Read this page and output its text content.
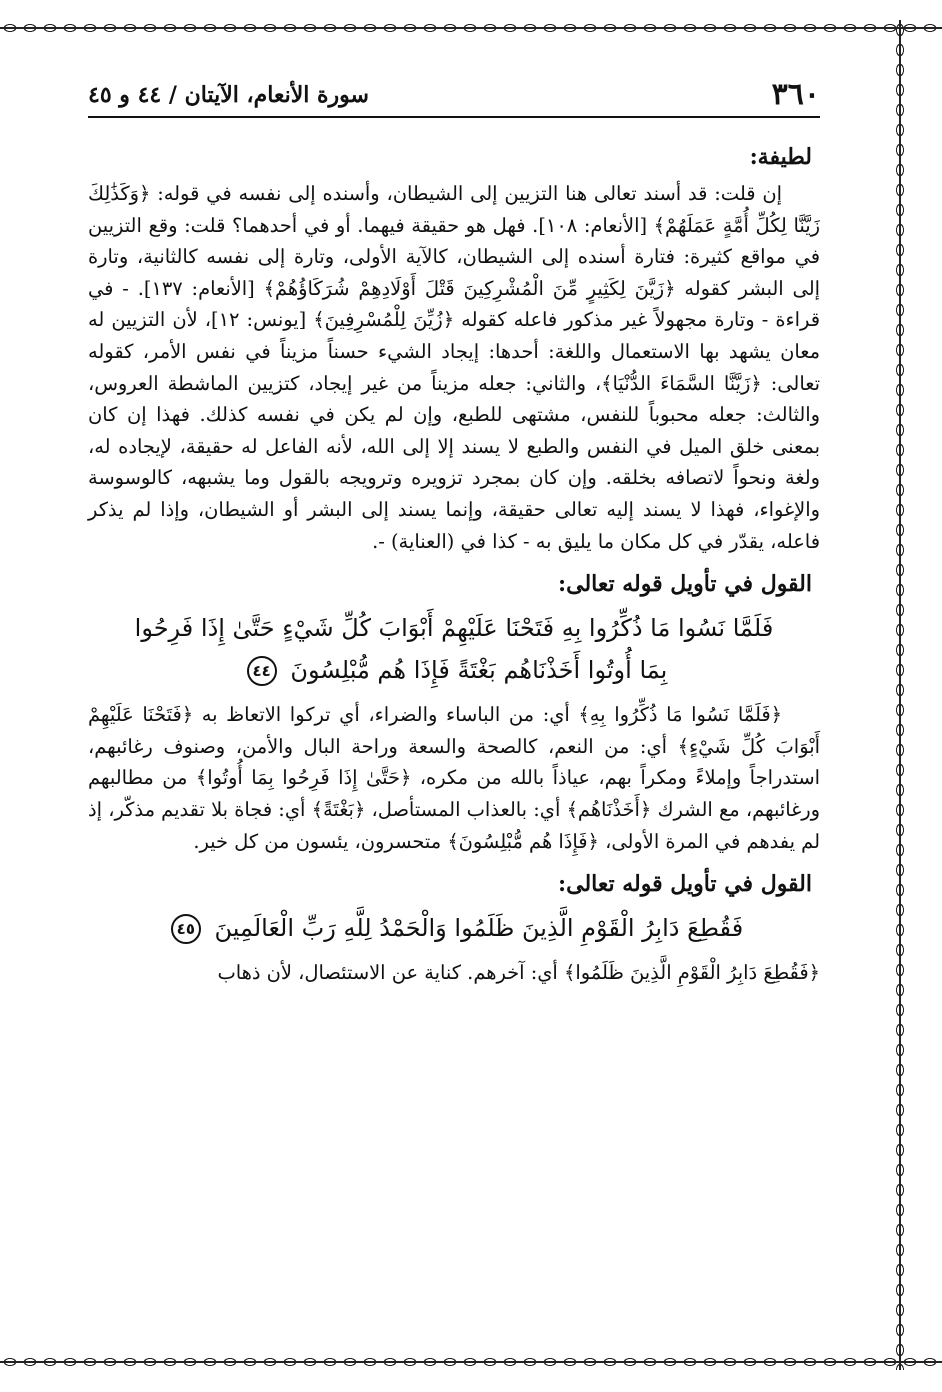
٣٦٠
سورة الأنعام، الآيتان / ٤٤ و ٤٥
لطيفة:

إن قلت: قد أسند تعالى هنا التزيين إلى الشيطان، وأسنده إلى نفسه في قوله: ﴿وَكَذَٰلِكَ زَيَّنَّا لِكُلِّ أُمَّةٍ عَمَلَهُمْ﴾ [الأنعام: ١٠٨]. فهل هو حقيقة فيهما. أو في أحدهما؟ قلت: وقع التزيين في مواقع كثيرة: فتارة أسنده إلى الشيطان، كالآية الأولى، وتارة إلى نفسه كالثانية، وتارة إلى البشر كقوله ﴿زَيَّنَ لِكَثِيرٍ مِّنَ الْمُشْرِكِينَ قَتْلَ أَوْلَادِهِمْ شُرَكَاؤُهُمْ﴾ [الأنعام: ١٣٧]. - في قراءة - وتارة مجهولاً غير مذكور فاعله كقوله ﴿زُيِّنَ لِلْمُسْرِفِينَ﴾ [يونس: ١٢]، لأن التزيين له معان يشهد بها الاستعمال واللغة: أحدها: إيجاد الشيء حسناً مزيناً في نفس الأمر، كقوله تعالى: ﴿زَيَّنَّا السَّمَاءَ الدُّنْيَا﴾، والثاني: جعله مزيناً من غير إيجاد، كتزيين الماشطة العروس، والثالث: جعله محبوباً للنفس، مشتهى للطبع، وإن لم يكن في نفسه كذلك. فهذا إن كان بمعنى خلق الميل في النفس والطبع لا يسند إلا إلى الله، لأنه الفاعل له حقيقة، لإيجاده له، ولغة ونحواً لاتصافه بخلقه. وإن كان بمجرد تزويره وترويجه بالقول وما يشبهه، كالوسوسة والإغواء، فهذا لا يسند إليه تعالى حقيقة، وإنما يسند إلى البشر أو الشيطان، وإذا لم يذكر فاعله، يقدّر في كل مكان ما يليق به - كذا في (العناية) -.

القول في تأويل قوله تعالى:
فَلَمَّا نَسُوا مَا ذُكِّرُوا بِهِ فَتَحْنَا عَلَيْهِمْ أَبْوَابَ كُلِّ شَيْءٍ حَتَّىٰ إِذَا فَرِحُوا
بِمَا أُوتُوا أَخَذْنَاهُم بَغْتَةً فَإِذَا هُم مُّبْلِسُونَ ٤٤

﴿فَلَمَّا نَسُوا مَا ذُكِّرُوا بِهِ﴾ أي: من الباساء والضراء، أي تركوا الاتعاظ به ﴿فَتَحْنَا عَلَيْهِمْ أَبْوَابَ كُلِّ شَيْءٍ﴾ أي: من النعم، كالصحة والسعة وراحة البال والأمن، وصنوف رغائبهم، استدراجاً وإملاءً ومكراً بهم، عياذاً بالله من مكره، ﴿حَتَّىٰ إِذَا فَرِحُوا بِمَا أُوتُوا﴾ من مطالبهم ورغائبهم، مع الشرك ﴿أَخَذْنَاهُم﴾ أي: بالعذاب المستأصل، ﴿بَغْتَةً﴾ أي: فجاة بلا تقديم مذكّر، إذ لم يفدهم في المرة الأولى، ﴿فَإِذَا هُم مُّبْلِسُونَ﴾ متحسرون، يئسون من كل خير.

القول في تأويل قوله تعالى:
فَقُطِعَ دَابِرُ الْقَوْمِ الَّذِينَ ظَلَمُوا وَالْحَمْدُ لِلَّهِ رَبِّ الْعَالَمِينَ ٤٥

﴿فَقُطِعَ دَابِرُ الْقَوْمِ الَّذِينَ ظَلَمُوا﴾ أي: آخرهم. كناية عن الاستئصال، لأن ذهاب
